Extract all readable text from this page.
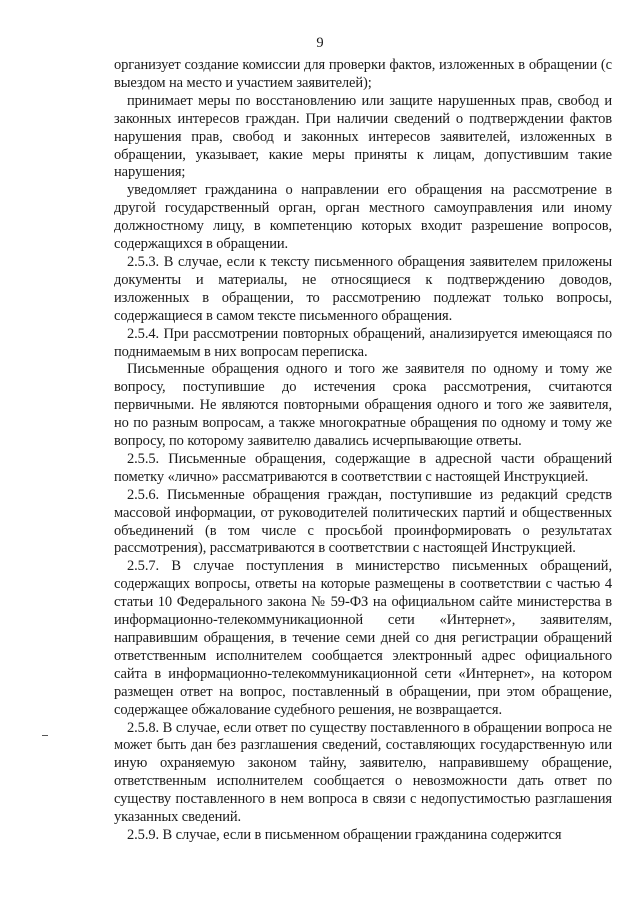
9

организует создание комиссии для проверки фактов, изложенных в обращении (с выездом на место и участием заявителей);

принимает меры по восстановлению или защите нарушенных прав, свобод и законных интересов граждан. При наличии сведений о подтверждении фактов нарушения прав, свобод и законных интересов заявителей, изложенных в обращении, указывает, какие меры приняты к лицам, допустившим такие нарушения;

уведомляет гражданина о направлении его обращения на рассмотрение в другой государственный орган, орган местного самоуправления или иному должностному лицу, в компетенцию которых входит разрешение вопросов, содержащихся в обращении.

2.5.3. В случае, если к тексту письменного обращения заявителем приложены документы и материалы, не относящиеся к подтверждению доводов, изложенных в обращении, то рассмотрению подлежат только вопросы, содержащиеся в самом тексте письменного обращения.

2.5.4. При рассмотрении повторных обращений, анализируется имеющаяся по поднимаемым в них вопросам переписка.

Письменные обращения одного и того же заявителя по одному и тому же вопросу, поступившие до истечения срока рассмотрения, считаются первичными. Не являются повторными обращения одного и того же заявителя, но по разным вопросам, а также многократные обращения по одному и тому же вопросу, по которому заявителю давались исчерпывающие ответы.

2.5.5. Письменные обращения, содержащие в адресной части обращений пометку «лично» рассматриваются в соответствии с настоящей Инструкцией.

2.5.6. Письменные обращения граждан, поступившие из редакций средств массовой информации, от руководителей политических партий и общественных объединений (в том числе с просьбой проинформировать о результатах рассмотрения), рассматриваются в соответствии с настоящей Инструкцией.

2.5.7. В случае поступления в министерство письменных обращений, содержащих вопросы, ответы на которые размещены в соответствии с частью 4 статьи 10 Федерального закона № 59-ФЗ на официальном сайте министерства в информационно-телекоммуникационной сети «Интернет», заявителям, направившим обращения, в течение семи дней со дня регистрации обращений ответственным исполнителем сообщается электронный адрес официального сайта в информационно-телекоммуникационной сети «Интернет», на котором размещен ответ на вопрос, поставленный в обращении, при этом обращение, содержащее обжалование судебного решения, не возвращается.

2.5.8. В случае, если ответ по существу поставленного в обращении вопроса не может быть дан без разглашения сведений, составляющих государственную или иную охраняемую законом тайну, заявителю, направившему обращение, ответственным исполнителем сообщается о невозможности дать ответ по существу поставленного в нем вопроса в связи с недопустимостью разглашения указанных сведений.

2.5.9. В случае, если в письменном обращении гражданина содержится
